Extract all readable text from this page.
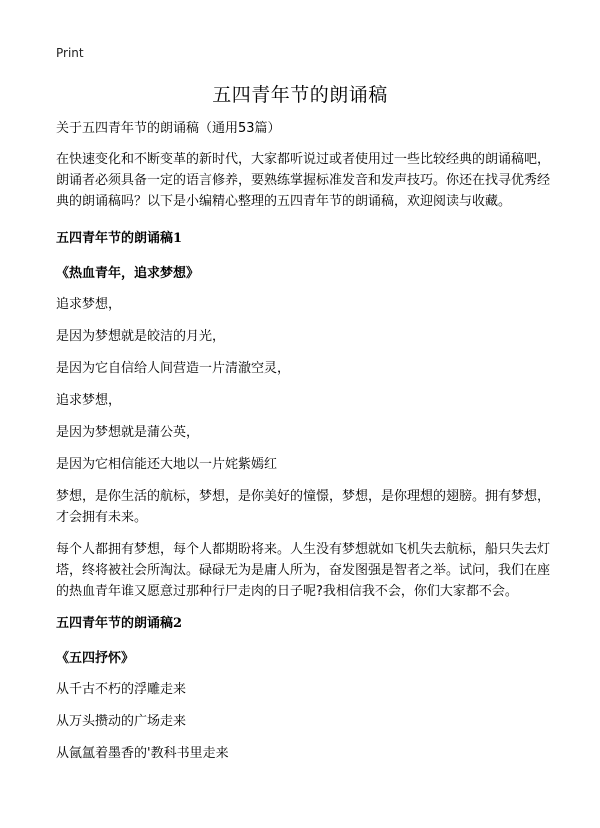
Print
五四青年节的朗诵稿

关于五四青年节的朗诵稿（通用53篇）

在快速变化和不断变革的新时代，大家都听说过或者使用过一些比较经典的朗诵稿吧，朗诵者必须具备一定的语言修养，要熟练掌握标准发音和发声技巧。你还在找寻优秀经典的朗诵稿吗？以下是小编精心整理的五四青年节的朗诵稿，欢迎阅读与收藏。

五四青年节的朗诵稿1

《热血青年，追求梦想》

追求梦想，

是因为梦想就是皎洁的月光，

是因为它自信给人间营造一片清澈空灵，

追求梦想，

是因为梦想就是蒲公英，

是因为它相信能还大地以一片姹紫嫣红

梦想，是你生活的航标，梦想，是你美好的憧憬，梦想，是你理想的翅膀。拥有梦想，才会拥有未来。

每个人都拥有梦想，每个人都期盼将来。人生没有梦想就如飞机失去航标，船只失去灯塔，终将被社会所淘汰。碌碌无为是庸人所为，奋发图强是智者之举。试问，我们在座的热血青年谁又愿意过那种行尸走肉的日子呢?我相信我不会，你们大家都不会。

五四青年节的朗诵稿2

《五四抒怀》

从千古不朽的浮雕走来

从万头攒动的广场走来

从氤氲着墨香的'教科书里走来
